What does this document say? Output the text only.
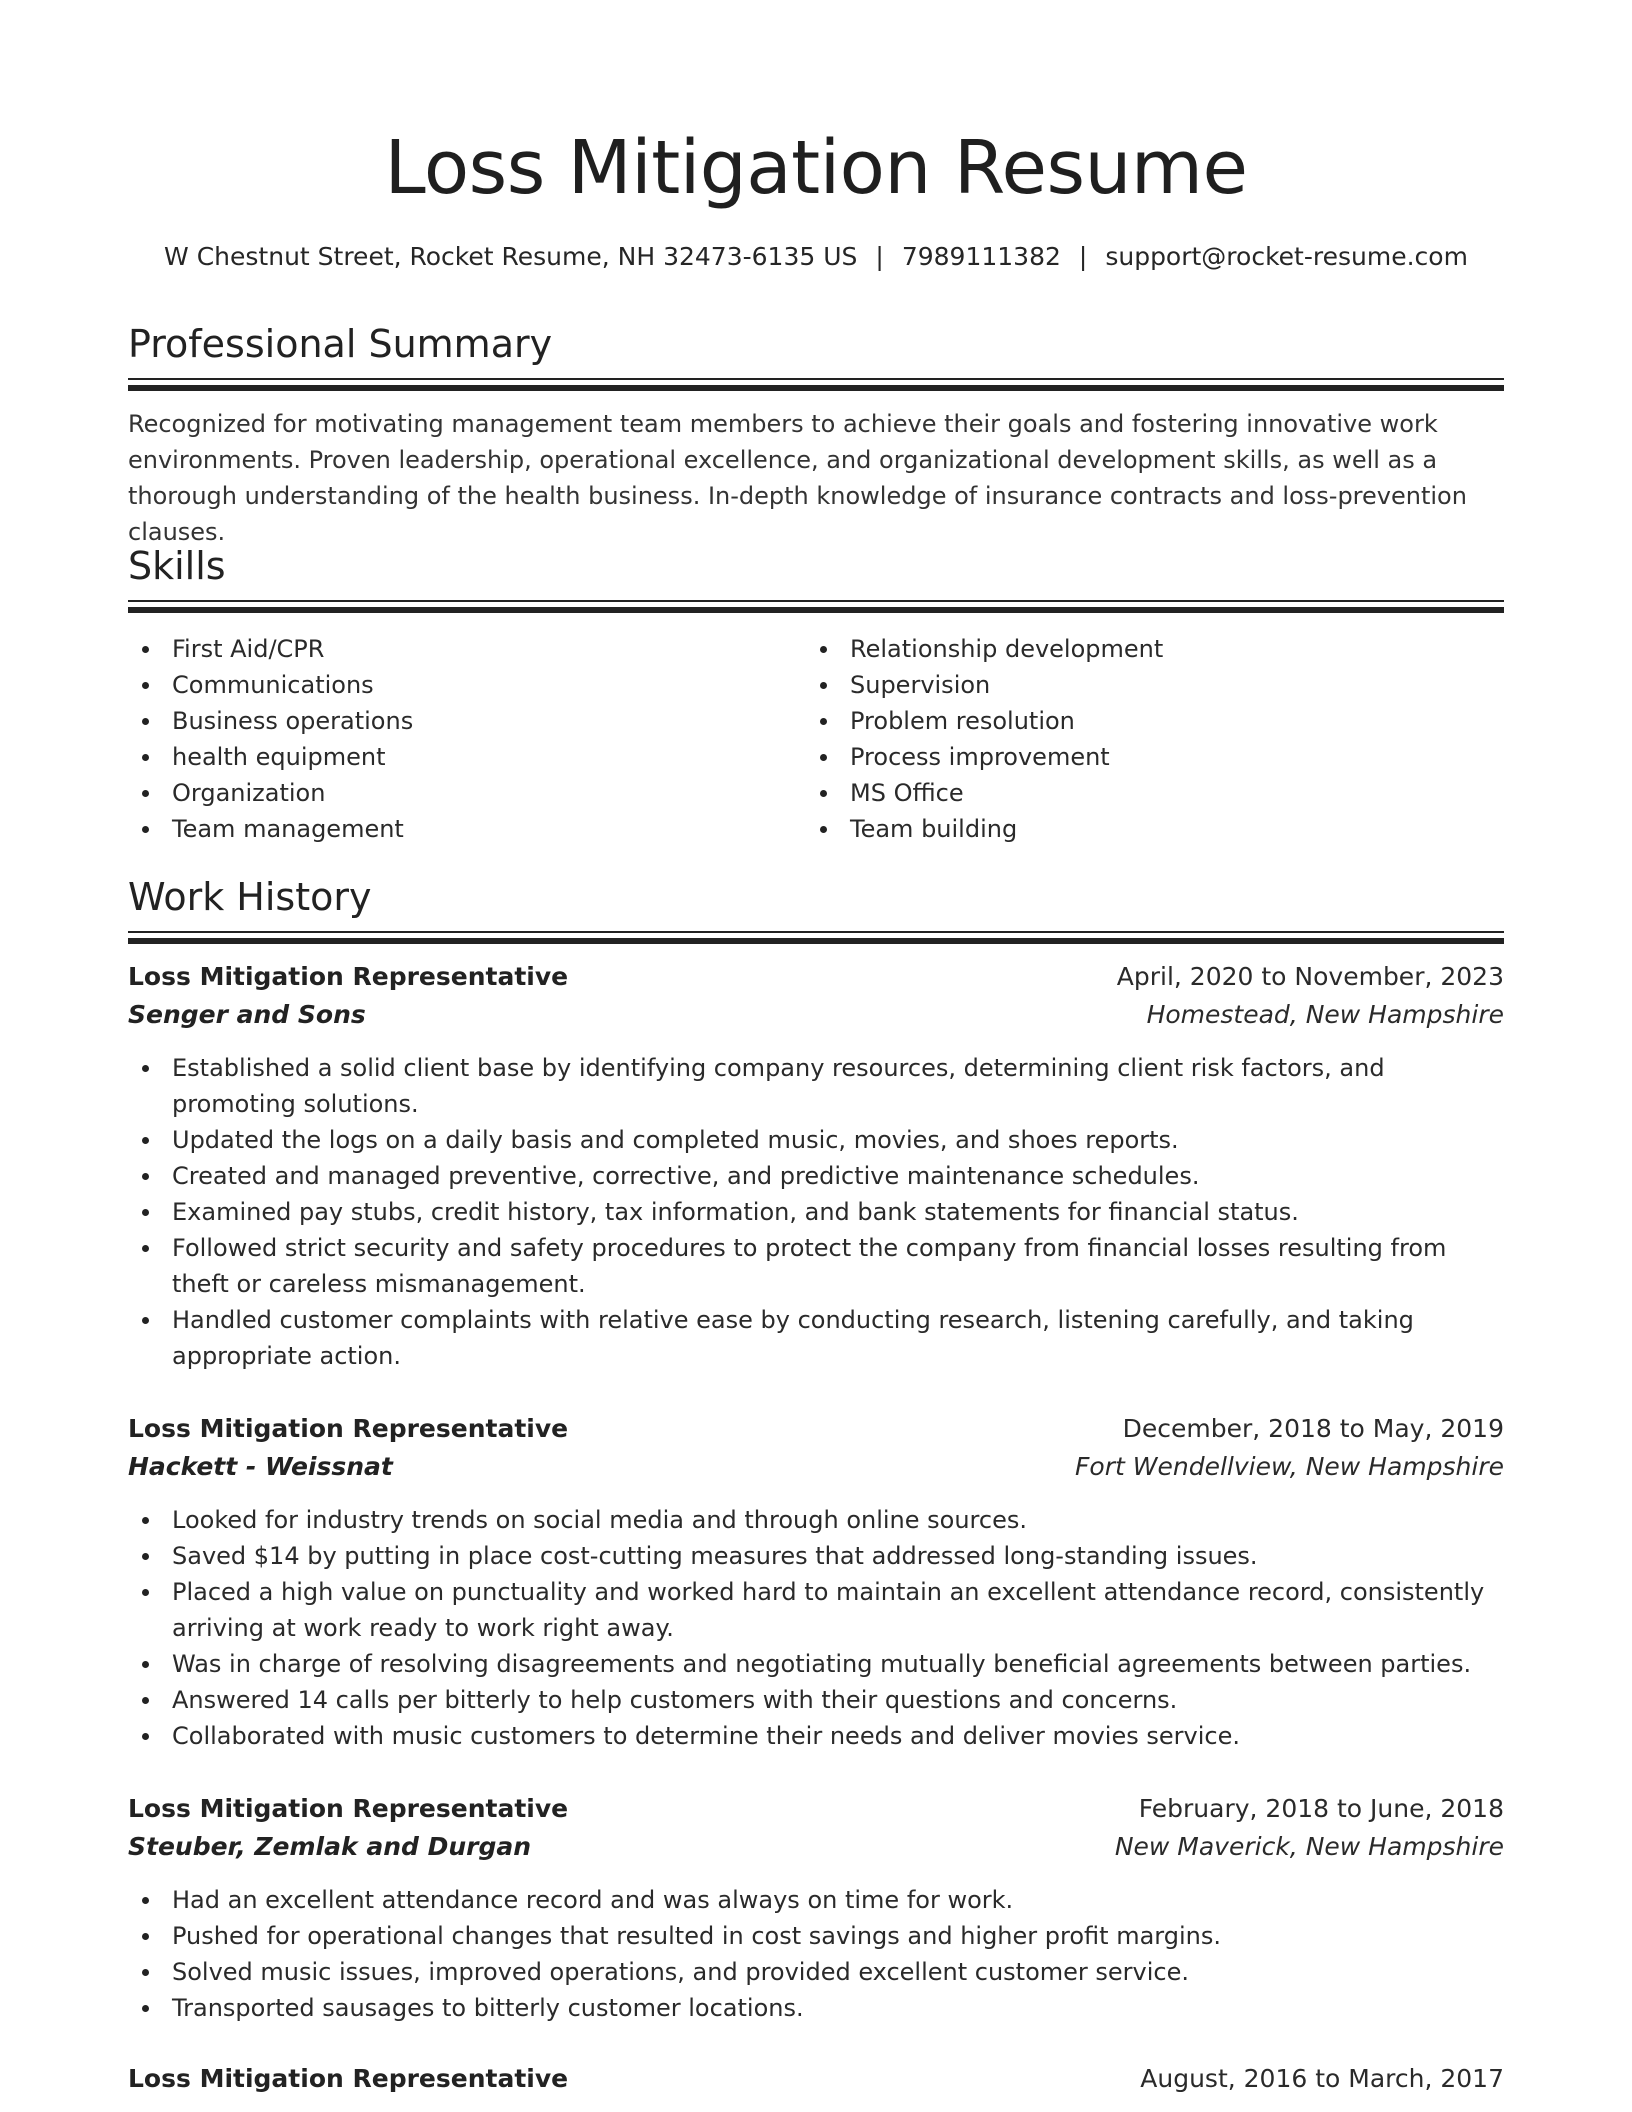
Loss Mitigation Resume
W Chestnut Street, Rocket Resume, NH 32473-6135 US | 7989111382 | support@rocket-resume.com
Professional Summary

Recognized for motivating management team members to achieve their goals and fostering innovative work environments. Proven leadership, operational excellence, and organizational development skills, as well as a thorough understanding of the health business. In-depth knowledge of insurance contracts and loss-prevention clauses.

Skills
First Aid/CPR
Communications
Business operations
health equipment
Organization
Team management
Relationship development
Supervision
Problem resolution
Process improvement
MS Office
Team building
Work History
Loss Mitigation Representative	April, 2020 to November, 2023
Senger and Sons	Homestead, New Hampshire
Established a solid client base by identifying company resources, determining client risk factors, and promoting solutions.
Updated the logs on a daily basis and completed music, movies, and shoes reports.
Created and managed preventive, corrective, and predictive maintenance schedules.
Examined pay stubs, credit history, tax information, and bank statements for financial status.
Followed strict security and safety procedures to protect the company from financial losses resulting from theft or careless mismanagement.
Handled customer complaints with relative ease by conducting research, listening carefully, and taking appropriate action.
Loss Mitigation Representative	December, 2018 to May, 2019
Hackett - Weissnat	Fort Wendellview, New Hampshire
Looked for industry trends on social media and through online sources.
Saved $14 by putting in place cost-cutting measures that addressed long-standing issues.
Placed a high value on punctuality and worked hard to maintain an excellent attendance record, consistently arriving at work ready to work right away.
Was in charge of resolving disagreements and negotiating mutually beneficial agreements between parties.
Answered 14 calls per bitterly to help customers with their questions and concerns.
Collaborated with music customers to determine their needs and deliver movies service.
Loss Mitigation Representative	February, 2018 to June, 2018
Steuber, Zemlak and Durgan	New Maverick, New Hampshire
Had an excellent attendance record and was always on time for work.
Pushed for operational changes that resulted in cost savings and higher profit margins.
Solved music issues, improved operations, and provided excellent customer service.
Transported sausages to bitterly customer locations.
Loss Mitigation Representative	August, 2016 to March, 2017
